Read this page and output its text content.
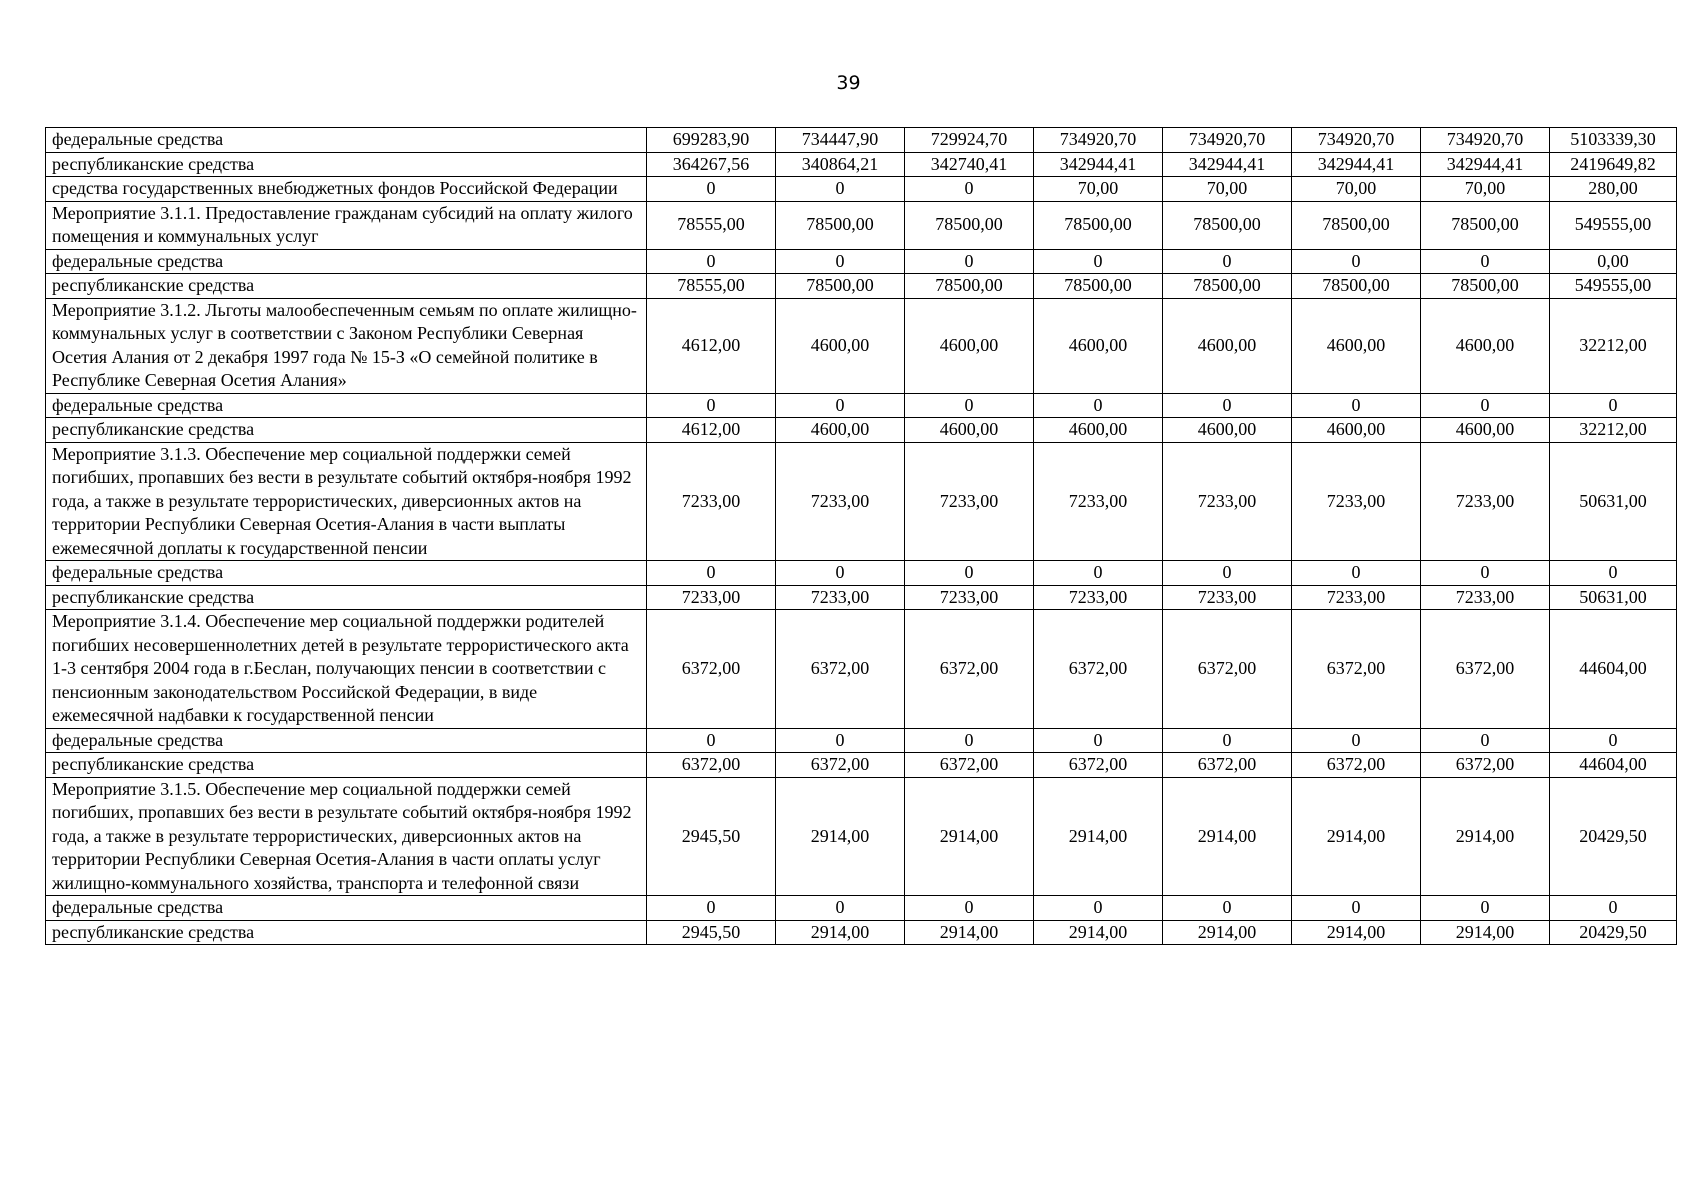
39
федеральные средства	699283,90	734447,90	729924,70	734920,70	734920,70	734920,70	734920,70	5103339,30
республиканские средства	364267,56	340864,21	342740,41	342944,41	342944,41	342944,41	342944,41	2419649,82
средства государственных внебюджетных фондов Российской Федерации	0	0	0	70,00	70,00	70,00	70,00	280,00
Мероприятие 3.1.1. Предоставление гражданам субсидий на оплату жилого помещения и коммунальных услуг	78555,00	78500,00	78500,00	78500,00	78500,00	78500,00	78500,00	549555,00
федеральные средства	0	0	0	0	0	0	0	0,00
республиканские средства	78555,00	78500,00	78500,00	78500,00	78500,00	78500,00	78500,00	549555,00
Мероприятие 3.1.2. Льготы малообеспеченным семьям по оплате жилищно-коммунальных услуг в соответствии с Законом Республики Северная Осетия Алания от 2 декабря 1997 года № 15-З «О семейной политике в Республике Северная Осетия Алания»	4612,00	4600,00	4600,00	4600,00	4600,00	4600,00	4600,00	32212,00
федеральные средства	0	0	0	0	0	0	0	0
республиканские средства	4612,00	4600,00	4600,00	4600,00	4600,00	4600,00	4600,00	32212,00
Мероприятие 3.1.3. Обеспечение мер социальной поддержки семей погибших, пропавших без вести в результате событий октября-ноября 1992 года, а также в результате террористических, диверсионных актов на территории Республики Северная Осетия-Алания в части выплаты ежемесячной доплаты к государственной пенсии	7233,00	7233,00	7233,00	7233,00	7233,00	7233,00	7233,00	50631,00
федеральные средства	0	0	0	0	0	0	0	0
республиканские средства	7233,00	7233,00	7233,00	7233,00	7233,00	7233,00	7233,00	50631,00
Мероприятие 3.1.4. Обеспечение мер социальной поддержки родителей погибших несовершеннолетних детей в результате террористического акта 1-3 сентября 2004 года в г.Беслан, получающих пенсии в соответствии с пенсионным законодательством Российской Федерации, в виде ежемесячной надбавки к государственной пенсии	6372,00	6372,00	6372,00	6372,00	6372,00	6372,00	6372,00	44604,00
федеральные средства	0	0	0	0	0	0	0	0
республиканские средства	6372,00	6372,00	6372,00	6372,00	6372,00	6372,00	6372,00	44604,00
Мероприятие 3.1.5. Обеспечение мер социальной поддержки семей погибших, пропавших без вести в результате событий октября-ноября 1992 года, а также в результате террористических, диверсионных актов на территории Республики Северная Осетия-Алания в части оплаты услуг жилищно-коммунального хозяйства, транспорта и телефонной связи	2945,50	2914,00	2914,00	2914,00	2914,00	2914,00	2914,00	20429,50
федеральные средства	0	0	0	0	0	0	0	0
республиканские средства	2945,50	2914,00	2914,00	2914,00	2914,00	2914,00	2914,00	20429,50
